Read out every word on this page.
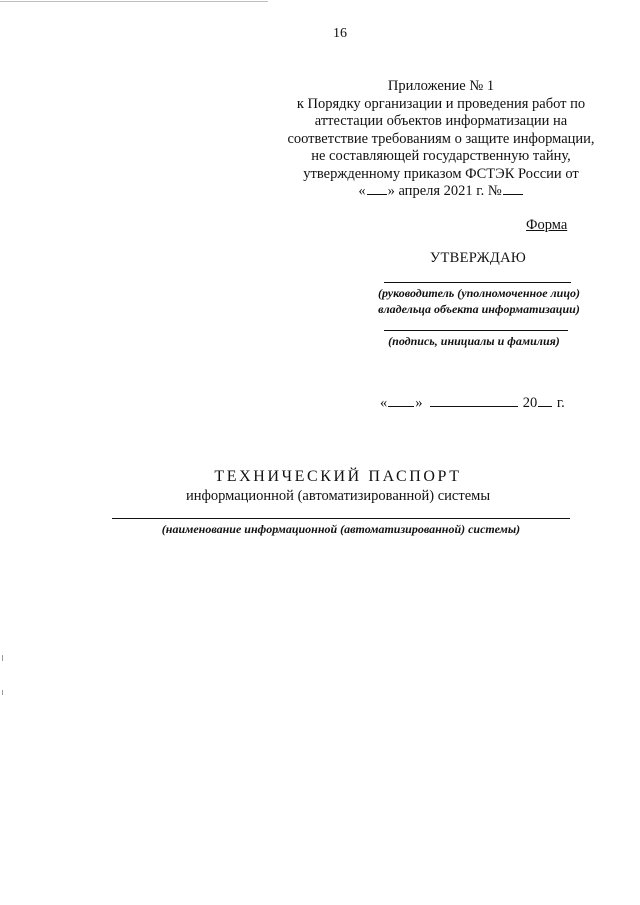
16
Приложение № 1
к Порядку организации и проведения работ по
аттестации объектов информатизации на
соответствие требованиям о защите информации,
не составляющей государственную тайну,
утвержденному приказом ФСТЭК России от
« » апреля 2021 г. №
Форма
УТВЕРЖДАЮ
(руководитель (уполномоченное лицо)
владельца объекта информатизации)
(подпись, инициалы и фамилия)
« »	20 г.
ТЕХНИЧЕСКИЙ ПАСПОРТ
информационной (автоматизированной) системы
(наименование информационной (автоматизированной) системы)
